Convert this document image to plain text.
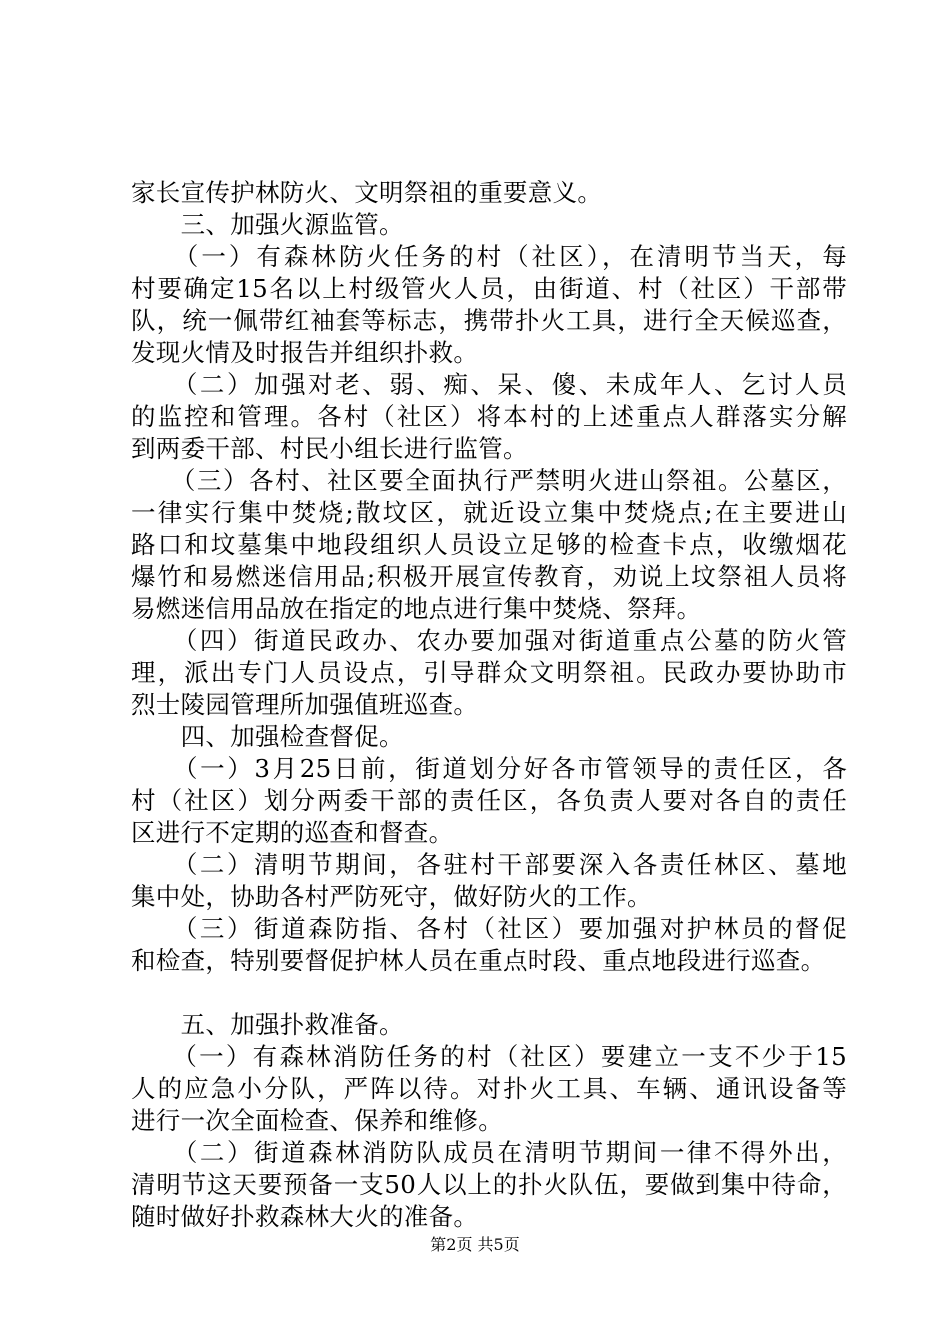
家长宣传护林防火、文明祭祖的重要意义。
　　三、加强火源监管。
　　（一）有森林防火任务的村（社区），在清明节当天，每
村要确定15名以上村级管火人员，由街道、村（社区）干部带
队，统一佩带红袖套等标志，携带扑火工具，进行全天候巡查，
发现火情及时报告并组织扑救。
　　（二）加强对老、弱、痴、呆、傻、未成年人、乞讨人员
的监控和管理。各村（社区）将本村的上述重点人群落实分解
到两委干部、村民小组长进行监管。
　　（三）各村、社区要全面执行严禁明火进山祭祖。公墓区，
一律实行集中焚烧;散坟区，就近设立集中焚烧点;在主要进山
路口和坟墓集中地段组织人员设立足够的检查卡点，收缴烟花
爆竹和易燃迷信用品;积极开展宣传教育，劝说上坟祭祖人员将
易燃迷信用品放在指定的地点进行集中焚烧、祭拜。
　　（四）街道民政办、农办要加强对街道重点公墓的防火管
理，派出专门人员设点，引导群众文明祭祖。民政办要协助市
烈士陵园管理所加强值班巡查。
　　四、加强检查督促。
　　（一）3月25日前，街道划分好各市管领导的责任区，各
村（社区）划分两委干部的责任区，各负责人要对各自的责任
区进行不定期的巡查和督查。
　　（二）清明节期间，各驻村干部要深入各责任林区、墓地
集中处，协助各村严防死守，做好防火的工作。
　　（三）街道森防指、各村（社区）要加强对护林员的督促
和检查，特别要督促护林人员在重点时段、重点地段进行巡查。
　　五、加强扑救准备。
　　（一）有森林消防任务的村（社区）要建立一支不少于15
人的应急小分队，严阵以待。对扑火工具、车辆、通讯设备等
进行一次全面检查、保养和维修。
　　（二）街道森林消防队成员在清明节期间一律不得外出，
清明节这天要预备一支50人以上的扑火队伍，要做到集中待命，
随时做好扑救森林大火的准备。
第2页 共5页
